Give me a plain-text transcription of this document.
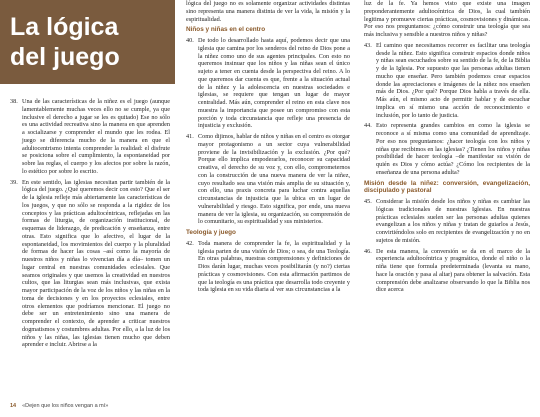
La lógica
del juego
38. Una de las características de la niñez es el juego (aunque lamentablemente muchas veces ello no se cumple, ya que inclusive el derecho a jugar se les es quitado) Ese no sólo es una actividad recreativa sino la manera en que aprenden a socializarse y comprender el mundo que les rodea. El juego se diferencia mucho de la manera en que el adultocentrismo intenta comprender la realidad: el disfrute se posiciona sobre el cumplimiento, la espontaneidad por sobre las reglas, el cuerpo y los afectos por sobre la razón, lo estético por sobre lo escrito.
39. En este sentido, las iglesias necesitan partir también de la lógica del juego. ¿Qué queremos decir con esto? Que el ser de la iglesia refleje más abiertamente las características de los juegos, y que no sólo se responda a la rigidez de los conceptos y las prácticas adultocéntricas, reflejadas en las formas de liturgia, de organización institucional, de esquemas de liderazgo, de predicación y enseñanza, entre otras. Esto significa que lo afectivo, el lugar de la espontaneidad, los movimientos del cuerpo y la pluralidad de formas de hacer las cosas –así como la mayoría de nuestros niños y niñas lo vivencian día a día– tomen un lugar central en nuestras comunidades eclesiales. Que seamos originales y que usemos la creatividad en nuestros cultos, que las liturgias sean más inclusivas, que exista mayor participación de la voz de los niños y las niñas en la toma de decisiones y en los proyectos eclesiales, entre otros elementos que podríamos mencionar. El juego no debe ser un entretenimiento sino una manera de comprender el contexto, de aprender a criticar nuestros dogmatismos y costumbres adultas. Por ello, a la luz de los niños y las niñas, las iglesias tienen mucho que deben aprender e incluir. Abrirse a la
lógica del juego no es solamente organizar actividades distintas sino representa una manera distinta de ver la vida, la misión y la espiritualidad.
Niños y niñas en el centro
40. De todo lo desarrollado hasta aquí, podemos decir que una iglesia que camina por los senderos del reino de Dios pone a la niñez como uno de sus agentes principales. Con esto no queremos insinuar que los niños y las niñas sean el único sujeto a tener en cuenta desde la perspectiva del reino. A lo que queremos dar cuenta es que, frente a la situación actual de la niñez y la adolescencia en nuestras sociedades e iglesias, se requiere que tengan un lugar de mayor centralidad. Más aún, comprender el reino en esta clave nos muestra la importancia que posee un compromiso con esta porción y toda circunstancia que refleje una presencia de injusticia y exclusión.
41. Como dijimos, hablar de niños y niñas en el centro es otorgar mayor protagonismo a un sector cuya vulnerabilidad proviene de la invisibilización y la exclusión. ¿Por qué? Porque ello implica empoderarlos, reconocer su capacidad creativa, el derecho de su voz y, con ello, comprometernos con la construcción de una nueva manera de ver la niñez, cuyo resultado sea una visión más amplia de su situación y, con ello, una praxis concreta para luchar contra aquellas circunstancias de injusticia que la ubica en un lugar de vulnerabilidad y riesgo. Esto significa, por ende, una nueva manera de ver la iglesia, su organización, su comprensión de lo comunitario, su espiritualidad y sus ministerios.
Teología y juego
42. Toda manera de comprender la fe, la espiritualidad y la iglesia parten de una visión de Dios; o sea, de una Teología. En otras palabras, nuestras comprensiones y definiciones de Dios darán lugar, muchas veces posibilitarán (y no?) ciertas prácticas y cosmovisiones. Con esta afirmación partimos de que la teología es una práctica que desarrolla todo creyente y toda iglesia en su vida diaria al ver sus circunstancias a la
luz de la fe. Ya hemos visto que existe una imagen preponderantemente adultocéntrica de Dios, la cual también legitima y promueve ciertas prácticas, cosmovisiones y dinámicas. Por eso nos preguntamos: ¿cómo construir una teología que sea más inclusiva y sensible a nuestros niños y niñas?
43. El camino que necesitamos recorrer es facilitar una teología desde la niñez. Esto significa construir espacios donde niños y niñas sean escuchados sobre su sentido de la fe, de la Biblia y de la Iglesia. Por supuesto que las personas adultas tienen mucho que enseñar. Pero también podemos crear espacios donde las apreciaciones e imágenes de la niñez nos enseñen más de Dios. ¿Por qué? Porque Dios habla a través de ella. Más aún, el mismo acto de permitir hablar y de escuchar implica en sí mismo una acción de reconocimiento e inclusión, por lo tanto de justicia.
44. Esto representa grandes cambios en como la iglesia se reconoce a sí misma como una comunidad de aprendizaje. Por eso nos preguntamos: ¿hacer teología con los niños y niñas que recibimos en las iglesias? ¿Tienen los niños y niñas posibilidad de hacer teología –de manifestar su visión de quién es Dios y cómo actúa? ¿Cómo los recipientes de la enseñanza de una persona adulta?
Misión desde la niñez: conversión, evangelización, discipulado y pastoral
45. Considerar la misión desde los niños y niñas es cambiar las lógicas tradicionales de nuestras Iglesias. En nuestras prácticas eclesiales suelen ser las personas adultas quienes evangelizan a los niños y niñas y tratan de guiarlos a Jesús, convirtiéndolos solo en recipientes de evangelización y no en sujetos de misión.
46. De esta manera, la conversión se da en el marco de la experiencia adultocéntrica y pragmática, donde el niño o la niña tiene que formula predeterminada (levanta su mano, hace la oración y pasa al altar) para obtener la salvación. Esta comprensión debe analizarse observando lo que la Biblia nos dice acerca
14 «Dejen que los niños vengan a mí»
